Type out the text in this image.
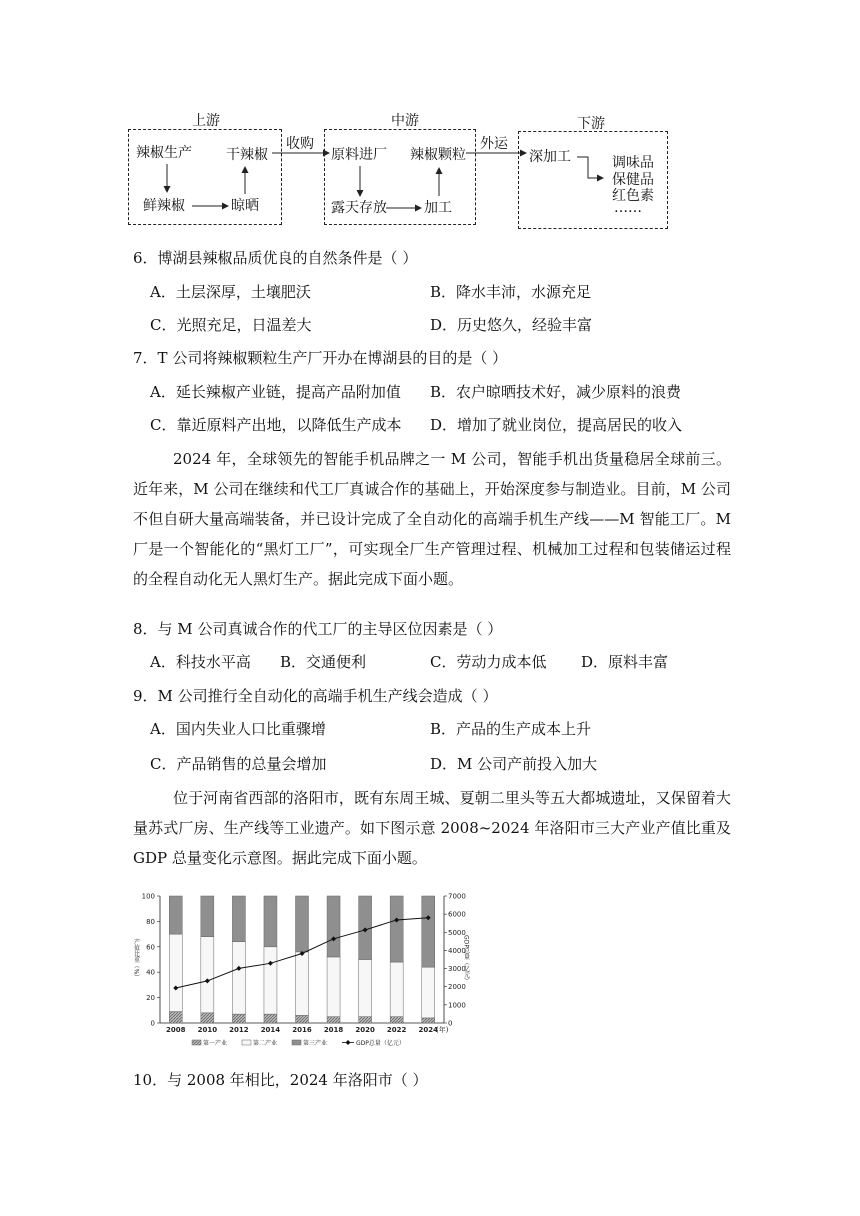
上游	中游	下游
辣椒生产 干辣椒
鲜辣椒	晾晒
收购
原料进厂 辣椒颗粒
露天存放	加工
外运
深加工	调味品
保健品
红色素
……
6．博湖县辣椒品质优良的自然条件是（ ）
A．土层深厚，土壤肥沃	B．降水丰沛，水源充足
C．光照充足，日温差大	D．历史悠久，经验丰富
7．T 公司将辣椒颗粒生产厂开办在博湖县的目的是（ ）
A．延长辣椒产业链，提高产品附加值 B．农户晾晒技术好，减少原料的浪费
C．靠近原料产出地，以降低生产成本 D．增加了就业岗位，提高居民的收入
2024 年，全球领先的智能手机品牌之一 M 公司，智能手机出货量稳居全球前三。近年来，M 公司在继续和代工厂真诚合作的基础上，开始深度参与制造业。目前，M 公司不但自研大量高端装备，并已设计完成了全自动化的高端手机生产线——M 智能工厂。M 厂是一个智能化的“黑灯工厂”，可实现全厂生产管理过程、机械加工过程和包装储运过程的全程自动化无人黑灯生产。据此完成下面小题。
8．与 M 公司真诚合作的代工厂的主导区位因素是（ ）
A．科技水平高 B．交通便利	C．劳动力成本低 D．原料丰富
9．M 公司推行全自动化的高端手机生产线会造成（ ）
A．国内失业人口比重骤增	B．产品的生产成本上升
C．产品销售的总量会增加	D．M 公司产前投入加大
位于河南省西部的洛阳市，既有东周王城、夏朝二里头等五大都城遗址，又保留着大量苏式厂房、生产线等工业遗产。如下图示意 2008~2024 年洛阳市三大产业产值比重及 GDP 总量变化示意图。据此完成下面小题。
0
20
40
60
80
100
0
1000
2000
3000
4000
5000
6000
7000
产值比重（%）	GDP总量（亿元）
2008 2010 2012 2014 2016 2018 2020 2022 2024
(年)
第一产业	第二产业	第三产业	GDP总量（亿元）
10．与 2008 年相比，2024 年洛阳市（ ）
